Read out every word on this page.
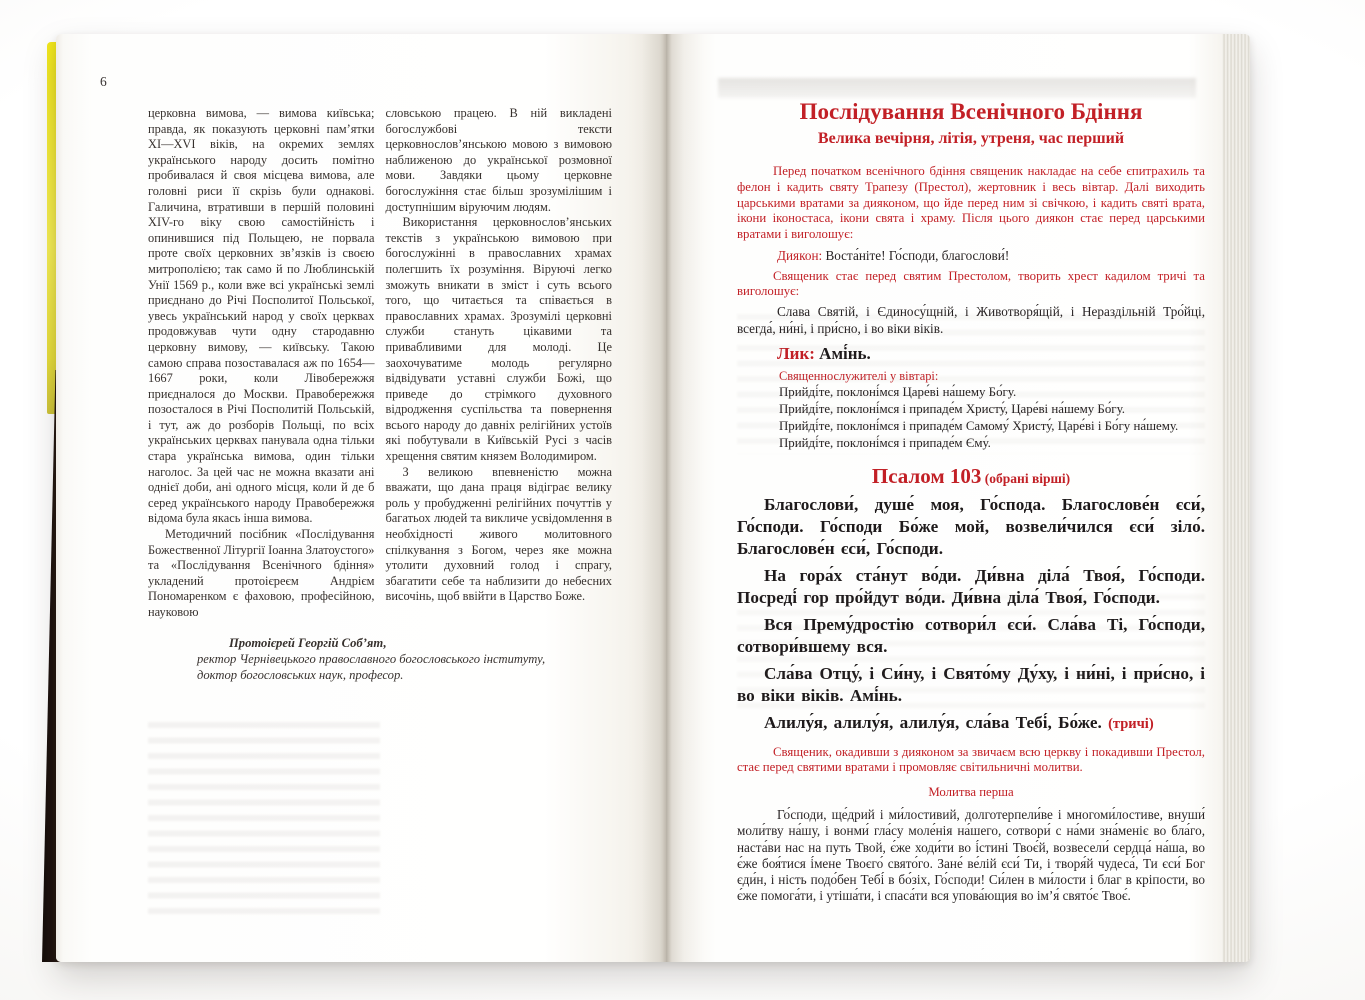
6

церковна вимова, — вимова київська; правда, як показують церковні пам’ятки XI—XVI віків, на окремих землях українського народу досить помітно пробивалася й своя місцева вимова, але головні риси її скрізь були однакові. Галичина, втративши в першій половині XIV-го віку свою самостійність і опинившися під Польщею, не порвала проте своїх церковних зв’язків із своєю митрополією; так само й по Люблинській Унії 1569 р., коли вже всі українські землі приєднано до Річі Посполитої Польської, увесь український народ у своїх церквах продовжував чути одну стародавню церковну вимову, — київську. Такою самою справа позоставалася аж по 1654—1667 роки, коли Лівобережжя приєдналося до Москви. Правобережжя позосталося в Річі Посполитій Польській, і тут, аж до розборів Польщі, по всіх українських церквах панувала одна тільки стара українська вимова, один тільки наголос. За цей час не можна вказати ані однієї доби, ані одного місця, коли й де б серед українського народу Правобережжя відома була якась інша вимова.

Методичний посібник «Послідування Божественної Літургії Іоанна Златоустого» та «Послідування Всенічного бдіння» укладений протоієреєм Андрієм Пономаренком є фаховою, професійною, науковою

словською працею. В ній викладені богослужбові тексти церковнослов’янською мовою з вимовою наближеною до української розмовної мови. Завдяки цьому церковне богослужіння стає більш зрозумілішим і доступнішим віруючим людям.

Використання церковнослов’янських текстів з українською вимовою при богослужінні в православних храмах полегшить їх розуміння. Віруючі легко зможуть вникати в зміст і суть всього того, що читається та співається в православних храмах. Зрозумілі церковні служби стануть цікавими та привабливими для молоді. Це заохочуватиме молодь регулярно відвідувати уставні служби Божі, що приведе до стрімкого духовного відродження суспільства та повернення всього народу до давніх релігійних устоїв які побутували в Київській Русі з часів хрещення святим князем Володимиром.

З великою впевненістю можна вважати, що дана праця відіграє велику роль у пробудженні релігійних почуттів у багатьох людей та викличе усвідомлення в необхідності живого молитовного спілкування з Богом, через яке можна утолити духовний голод і спрагу, збагатити себе та наблизити до небесних височінь, щоб ввійти в Царство Боже.

Протоієрей Георгій Соб’ят,

ректор Чернівецького православного богословського інституту,

доктор богословських наук, професор.

Послідування Всенічного Бдіння
Велика вечірня, літія, утреня, час перший

Перед початком всенічного бдіння священик накладає на себе єпитрахиль та фелон і кадить святу Трапезу (Престол), жертовник і весь вівтар. Далі виходить царськими вратами за дияконом, що йде перед ним зі свічкою, і кадить святі врата, ікони іконостаса, ікони свята і храму. Після цього диякон стає перед царськими вратами і виголошує:

Диякон: Воста́ніте! Го́споди, благослови́!

Священик стає перед святим Престолом, творить хрест кадилом тричі та виголошує:

Слава Святій, і Єдиносу́щній, і Животворя́щій, і Нераздільній Тро́йці, всегда́, ни́ні, і при́сно, і во віки віків.

Лик: Амі́нь.

Священнослужителі у вівтарі:

Прийді́те, поклоні́мся Царе́ві на́шему Бо́гу.

Прийді́те, поклоні́мся і припаде́м Христу́, Царе́ві на́шему Бо́гу.

Прийді́те, поклоні́мся і припаде́м Самому́ Христу́, Царе́ві і Бо́гу на́шему.

Прийді́те, поклоні́мся і припаде́м Єму́.

Псалом 103 (обрані вірші)

Благослови́, душе́ моя, Го́спода. Благослове́н єси́, Го́споди. Го́споди Бо́же мой, возвели́чился єси́ зіло́. Благослове́н єси́, Го́споди.

На гора́х ста́нут во́ди. Ди́вна діла́ Твоя́, Го́споди. Посреді́ гор про́йдут во́ди. Ди́вна діла́ Твоя́, Го́споди.

Вся Прему́дростію сотвори́л єси́. Сла́ва Ті, Го́споди, сотвори́вшему вся.

Сла́ва Отцу́, і Си́ну, і Свято́му Ду́ху, і ни́ні, і при́сно, і во віки віків. Амі́нь.

Алилу́я, алилу́я, алилу́я, сла́ва Тебі́, Бо́же. (тричі)

Священик, окадивши з дияконом за звичаєм всю церкву і покадивши Престол, стає перед святими вратами і промовляє світильничні молитви.

Молитва перша

Го́споди, ще́дрий і ми́лостивий, долготерпели́ве і многоми́лостиве, внуши́ моли́тву на́шу, і вонми́ гла́су моле́нія на́шего, сотвори́ с на́ми зна́меніє во бла́го, наста́ви нас на путь Твой, є́же ходи́ти во і́стині Твоє́й, возвесели́ сердца́ на́ша, во є́же боя́тися і́мене Твоєго́ свято́го. Зане́ ве́лій єси́ Ти, і творя́й чудеса́, Ти єси́ Бог єди́н, і ність подо́бен Тебі́ в бо́зіх, Го́споди! Си́лен в ми́лости і благ в кріпости, во є́же помога́ти, і утіша́ти, і спаса́ти вся упова́ющия во ім’я́ свято́є Твоє́.
